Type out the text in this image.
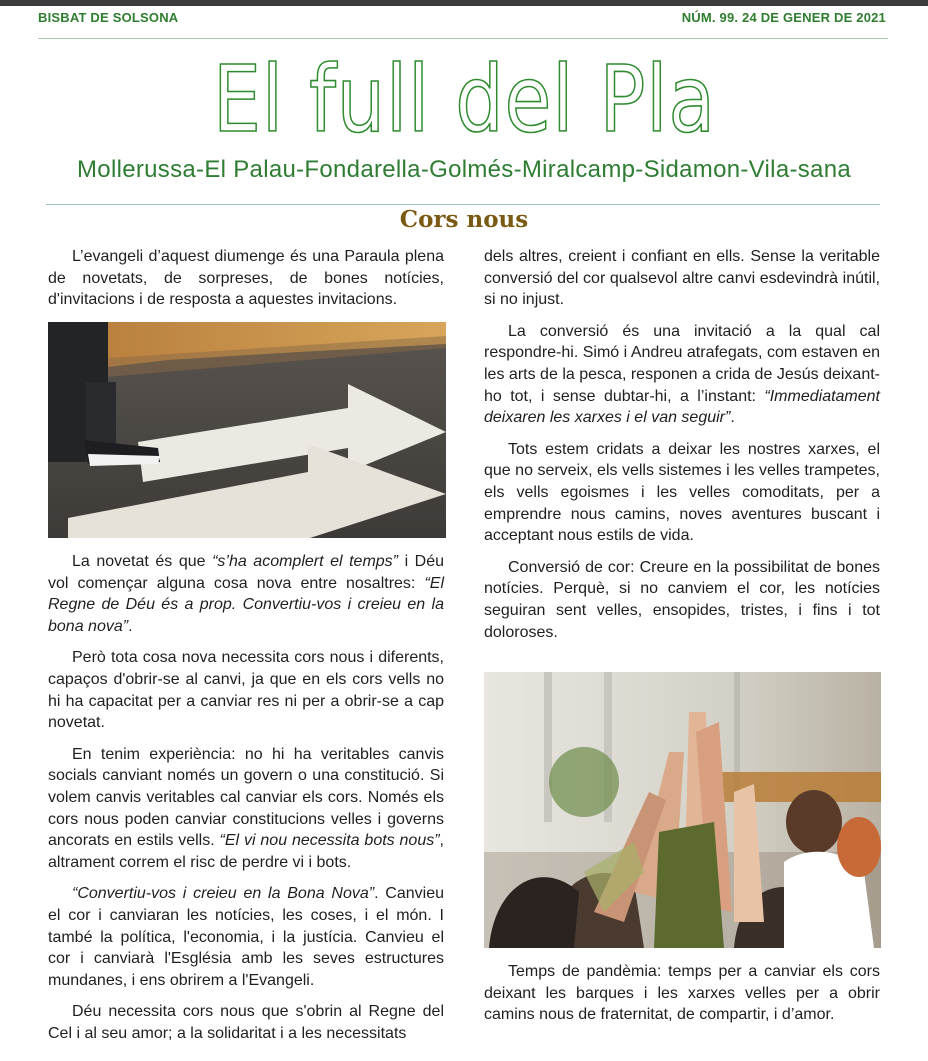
BISBAT DE SOLSONA	NÚM. 99. 24 DE GENER DE 2021
El full del Pla
Mollerussa-El Palau-Fondarella-Golmés-Miralcamp-Sidamon-Vila-sana
Cors nous

L’evangeli d’aquest diumenge és una Paraula plena de novetats, de sorpreses, de bones notícies, d'invitacions i de resposta a aquestes invitacions.

La novetat és que “s’ha acomplert el temps” i Déu vol començar alguna cosa nova entre nosaltres: “El Regne de Déu és a prop. Convertiu-vos i creieu en la bona nova”.

Però tota cosa nova necessita cors nous i diferents, capaços d'obrir-se al canvi, ja que en els cors vells no hi ha capacitat per a canviar res ni per a obrir-se a cap novetat.

En tenim experiència: no hi ha veritables canvis socials canviant només un govern o una constitució. Si volem canvis veritables cal canviar els cors. Només els cors nous poden canviar constitucions velles i governs ancorats en estils vells. “El vi nou necessita bots nous”, altrament correm el risc de perdre vi i bots.

“Convertiu-vos i creieu en la Bona Nova”. Canvieu el cor i canviaran les notícies, les coses, i el món. I també la política, l'economia, i la justícia. Canvieu el cor i canviarà l'Església amb les seves estructures mundanes, i ens obrirem a l'Evangeli.

Déu necessita cors nous que s'obrin al Regne del Cel i al seu amor; a la solidaritat i a les necessitats

dels altres, creient i confiant en ells. Sense la veritable conversió del cor qualsevol altre canvi esdevindrà inútil, si no injust.

La conversió és una invitació a la qual cal respondre-hi. Simó i Andreu atrafegats, com estaven en les arts de la pesca, responen a crida de Jesús deixant-ho tot, i sense dubtar-hi, a l’instant: “Immediatament deixaren les xarxes i el van seguir”.

Tots estem cridats a deixar les nostres xarxes, el que no serveix, els vells sistemes i les velles trampetes, els vells egoismes i les velles comoditats, per a emprendre nous camins, noves aventures buscant i acceptant nous estils de vida.

Conversió de cor: Creure en la possibilitat de bones notícies. Perquè, si no canviem el cor, les notícies seguiran sent velles, ensopides, tristes, i fins i tot doloroses.

Temps de pandèmia: temps per a canviar els cors deixant les barques i les xarxes velles per a obrir camins nous de fraternitat, de compartir, i d’amor.
